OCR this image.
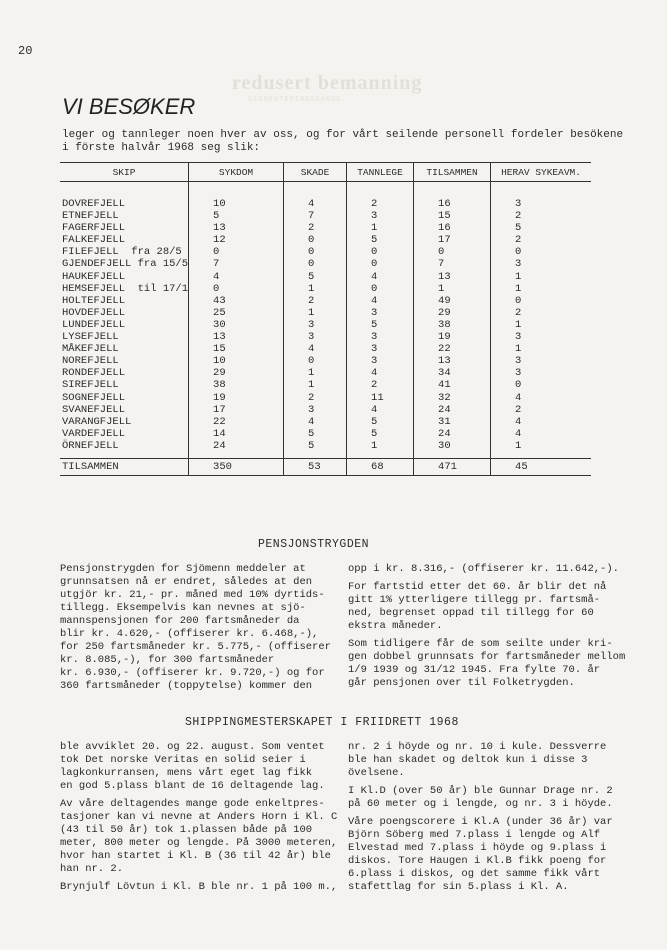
20
redusert bemanning
SEGMENTERINGSRANSE.
VI BESØKER
leger og tannleger noen hver av oss, og for vårt seilende personell fordeler besökene
i förste halvår 1968 seg slik:
SKIP	SYKDOM	SKADE	TANNLEGE	TILSAMMEN	HERAV SYKEAVM.
DOVREFJELL	10	4	2	16	3
ETNEFJELL	5	7	3	15	2
FAGERFJELL	13	2	1	16	5
FALKEFJELL	12	0	5	17	2
FILEFJELL  fra 28/5	0	0	0	0	0
GJENDEFJELL fra 15/5	7	0	0	7	3
HAUKEFJELL	4	5	4	13	1
HEMSEFJELL  til 17/1	0	1	0	1	1
HOLTEFJELL	43	2	4	49	0
HOVDEFJELL	25	1	3	29	2
LUNDEFJELL	30	3	5	38	1
LYSEFJELL	13	3	3	19	3
MÅKEFJELL	15	4	3	22	1
NOREFJELL	10	0	3	13	3
RONDEFJELL	29	1	4	34	3
SIREFJELL	38	1	2	41	0
SOGNEFJELL	19	2	11	32	4
SVANEFJELL	17	3	4	24	2
VARANGFJELL	22	4	5	31	4
VARDEFJELL	14	5	5	24	4
ÖRNEFJELL	24	5	1	30	1
TILSAMMEN	350	53	68	471	45
PENSJONSTRYGDEN

Pensjonstrygden for Sjömenn meddeler at
grunnsatsen nå er endret, således at den
utgjör kr. 21,- pr. måned med 10% dyrtids-
tillegg. Eksempelvis kan nevnes at sjö-
mannspensjonen for 200 fartsmåneder da
blir kr. 4.620,- (offiserer kr. 6.468,-),
for 250 fartsmåneder kr. 5.775,- (offiserer
kr. 8.085,-), for 300 fartsmåneder
kr. 6.930,- (offiserer kr. 9.720,-) og for
360 fartsmåneder (toppytelse) kommer den

opp i kr. 8.316,- (offiserer kr. 11.642,-).

For fartstid etter det 60. år blir det nå
gitt 1% ytterligere tillegg pr. fartsmå-
ned, begrenset oppad til tillegg for 60
ekstra måneder.

Som tidligere får de som seilte under kri-
gen dobbel grunnsats for fartsmåneder mellom
1/9 1939 og 31/12 1945. Fra fylte 70. år
går pensjonen over til Folketrygden.

SHIPPINGMESTERSKAPET I FRIIDRETT 1968

ble avviklet 20. og 22. august. Som ventet
tok Det norske Veritas en solid seier i
lagkonkurransen, mens vårt eget lag fikk
en god 5.plass blant de 16 deltagende lag.

Av våre deltagendes mange gode enkeltpres-
tasjoner kan vi nevne at Anders Horn i Kl. C
(43 til 50 år) tok 1.plassen både på 100
meter, 800 meter og lengde. På 3000 meteren,
hvor han startet i Kl. B (36 til 42 år) ble
han nr. 2.

Brynjulf Lövtun i Kl. B ble nr. 1 på 100 m.,

nr. 2 i höyde og nr. 10 i kule. Dessverre
ble han skadet og deltok kun i disse 3
övelsene.

I Kl.D (over 50 år) ble Gunnar Drage nr. 2
på 60 meter og i lengde, og nr. 3 i höyde.

Våre poengscorere i Kl.A (under 36 år) var
Björn Söberg med 7.plass i lengde og Alf
Elvestad med 7.plass i höyde og 9.plass i
diskos. Tore Haugen i Kl.B fikk poeng for
6.plass i diskos, og det samme fikk vårt
stafettlag for sin 5.plass i Kl. A.
